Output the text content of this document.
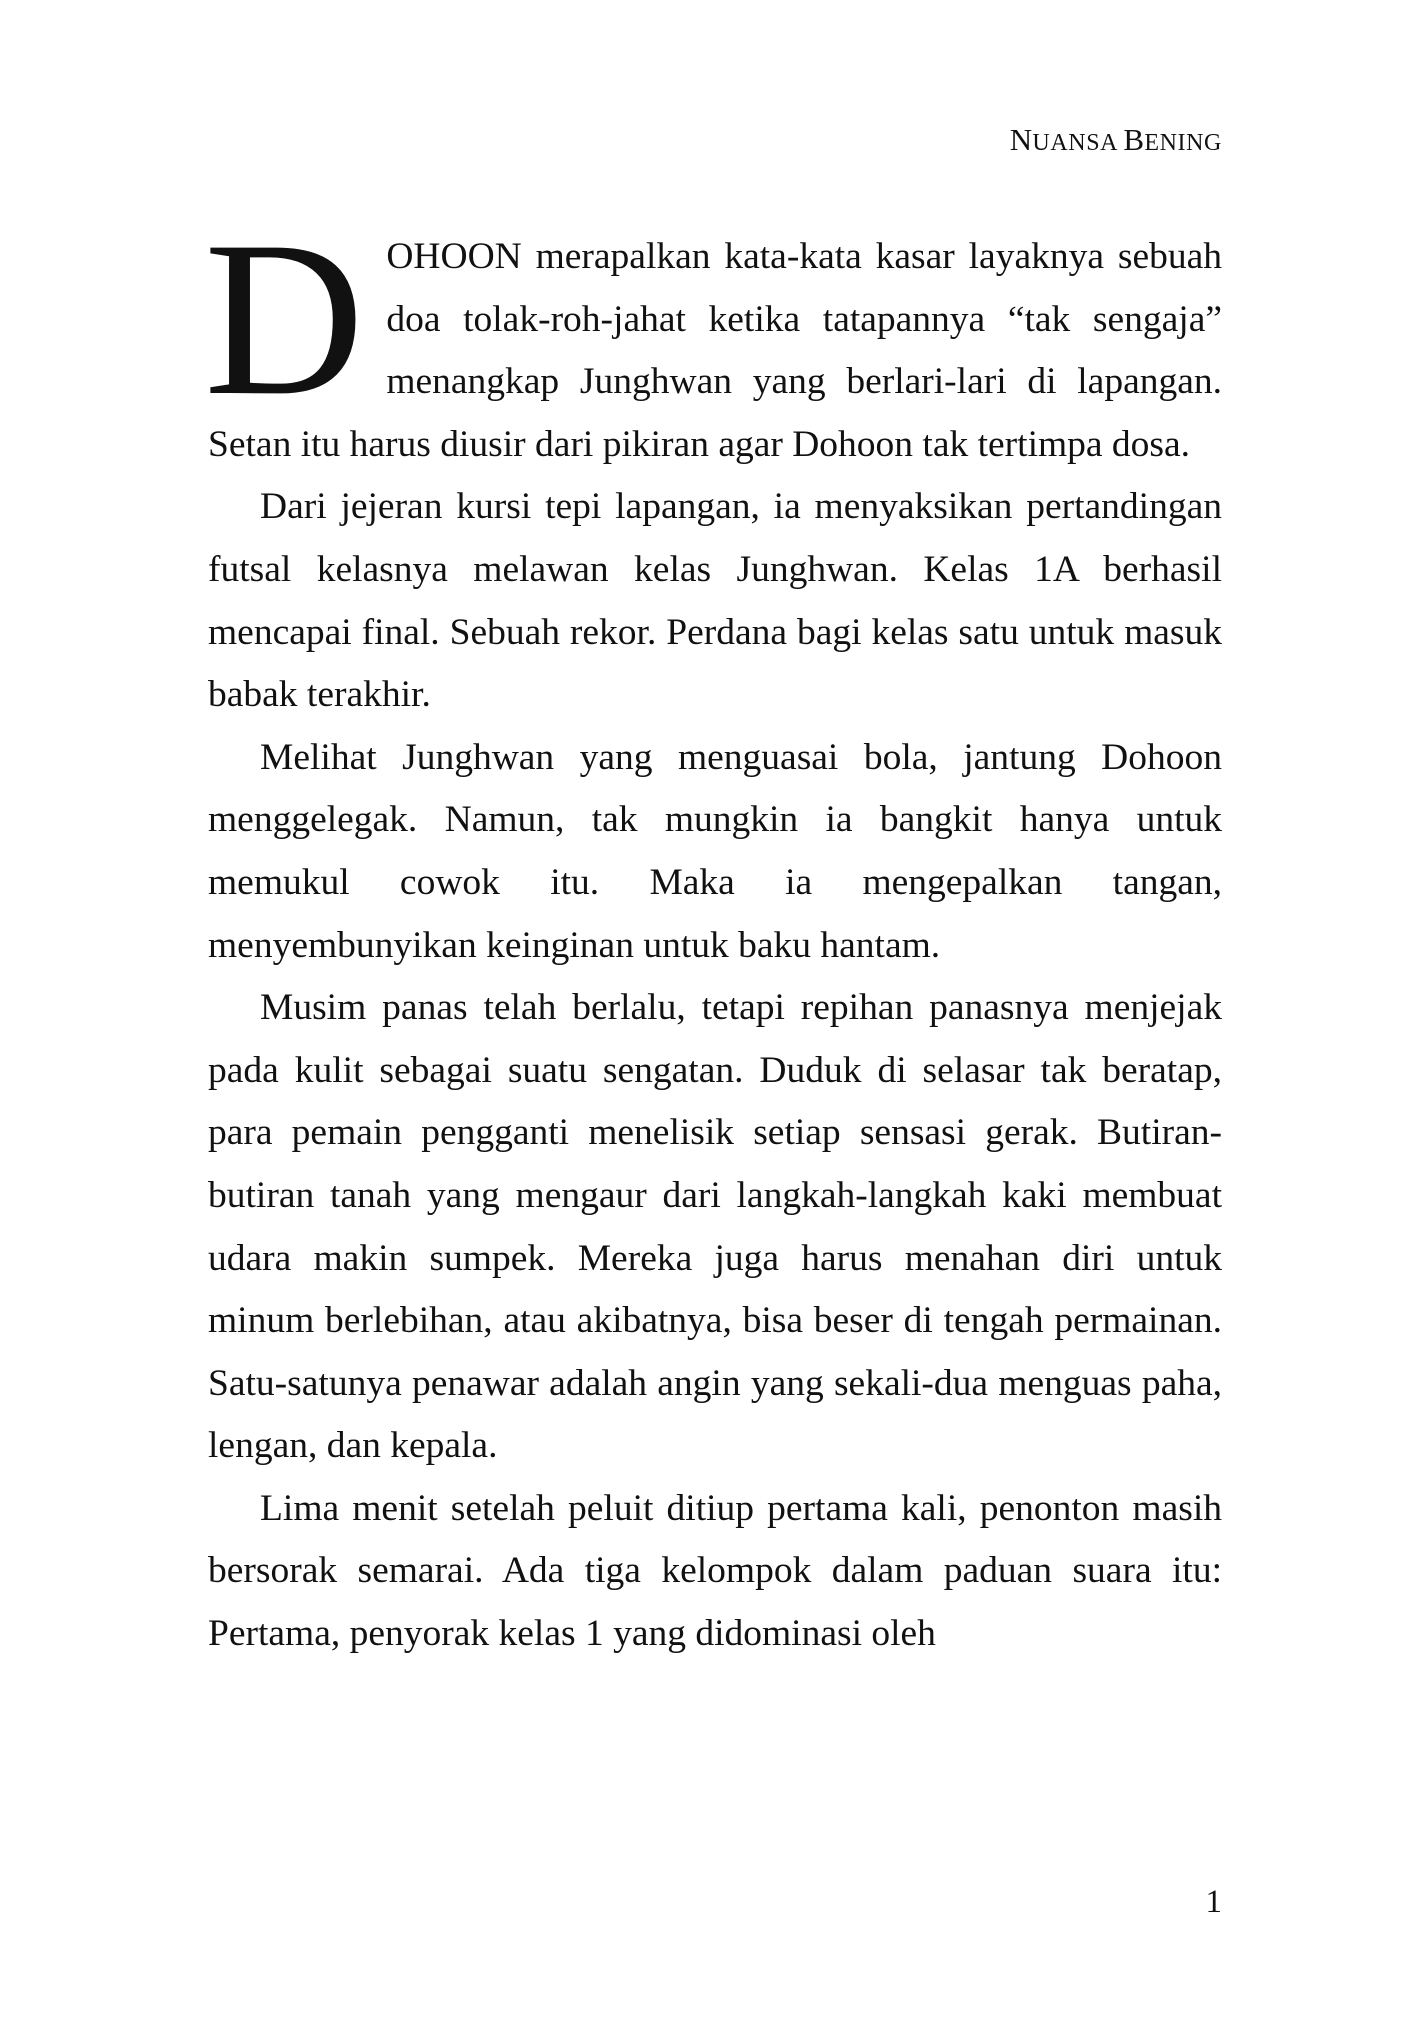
NUANSA BENING

DOHOON merapalkan kata-kata kasar layaknya sebuah doa tolak-roh-jahat ketika tatapannya “tak sengaja” menangkap Junghwan yang berlari-lari di lapangan. Setan itu harus diusir dari pikiran agar Dohoon tak tertimpa dosa.

Dari jejeran kursi tepi lapangan, ia menyaksikan pertandingan futsal kelasnya melawan kelas Junghwan. Kelas 1A berhasil mencapai final. Sebuah rekor. Perdana bagi kelas satu untuk masuk babak terakhir.

Melihat Junghwan yang menguasai bola, jantung Dohoon menggelegak. Namun, tak mungkin ia bangkit hanya untuk memukul cowok itu. Maka ia mengepalkan tangan, menyembunyikan keinginan untuk baku hantam.

Musim panas telah berlalu, tetapi repihan panasnya menjejak pada kulit sebagai suatu sengatan. Duduk di selasar tak beratap, para pemain pengganti menelisik setiap sensasi gerak. Butiran-butiran tanah yang mengaur dari langkah-langkah kaki membuat udara makin sumpek. Mereka juga harus menahan diri untuk minum berlebihan, atau akibatnya, bisa beser di tengah permainan. Satu-satunya penawar adalah angin yang sekali-dua menguas paha, lengan, dan kepala.

Lima menit setelah peluit ditiup pertama kali, penonton masih bersorak semarai. Ada tiga kelompok dalam paduan suara itu: Pertama, penyorak kelas 1 yang didominasi oleh

1
